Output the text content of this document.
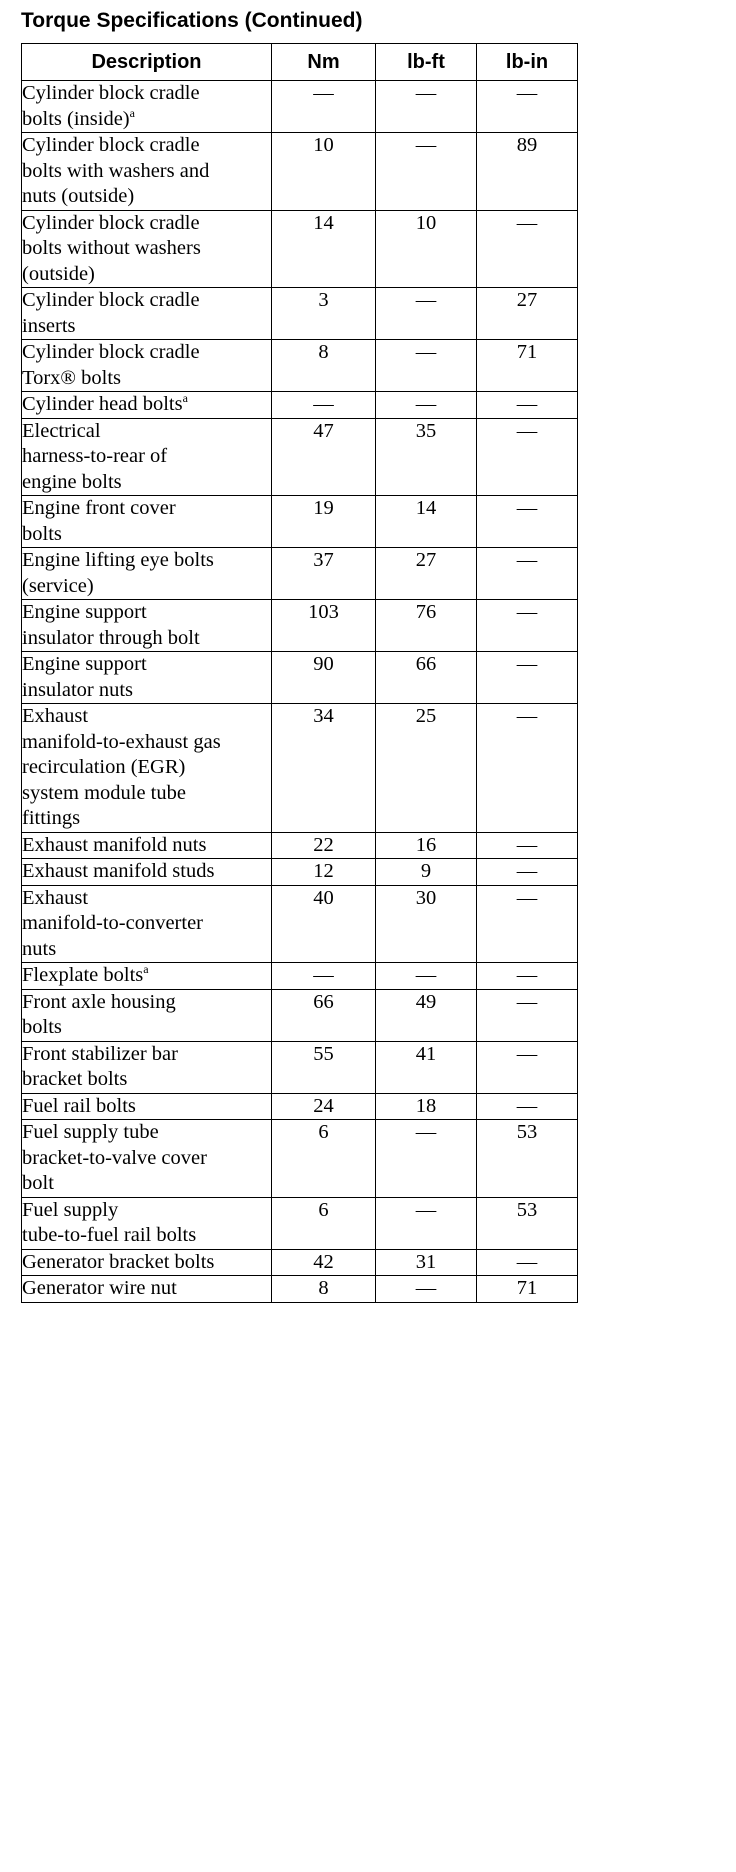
Torque Specifications (Continued)
Description	Nm	lb-ft	lb-in
Cylinder block cradle
bolts (inside)$^a$	—	—	—
Cylinder block cradle
bolts with washers and
nuts (outside)	10	—	89
Cylinder block cradle
bolts without washers
(outside)	14	10	—
Cylinder block cradle
inserts	3	—	27
Cylinder block cradle
Torx® bolts	8	—	71
Cylinder head bolts$^a$	—	—	—
Electrical
harness-to-rear of
engine bolts	47	35	—
Engine front cover
bolts	19	14	—
Engine lifting eye bolts
(service)	37	27	—
Engine support
insulator through bolt	103	76	—
Engine support
insulator nuts	90	66	—
Exhaust
manifold-to-exhaust gas
recirculation (EGR)
system module tube
fittings	34	25	—
Exhaust manifold nuts	22	16	—
Exhaust manifold studs	12	9	—
Exhaust
manifold-to-converter
nuts	40	30	—
Flexplate bolts$^a$	—	—	—
Front axle housing
bolts	66	49	—
Front stabilizer bar
bracket bolts	55	41	—
Fuel rail bolts	24	18	—
Fuel supply tube
bracket-to-valve cover
bolt	6	—	53
Fuel supply
tube-to-fuel rail bolts	6	—	53
Generator bracket bolts	42	31	—
Generator wire nut	8	—	71
